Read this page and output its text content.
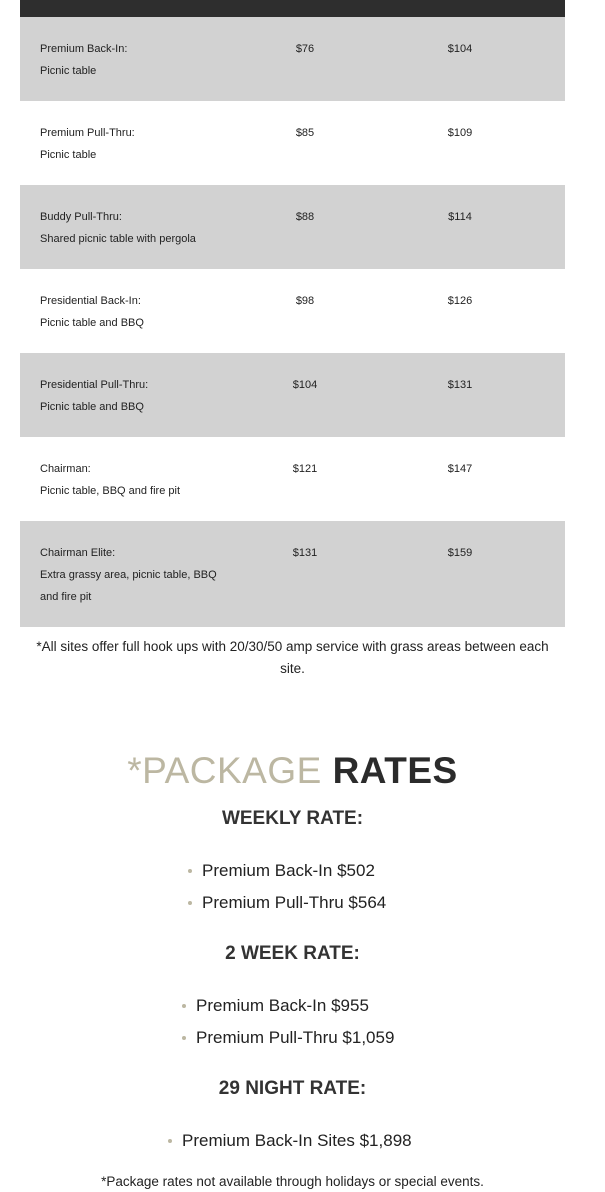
Premium Back-In:
Picnic table
$76	$104
Premium Pull-Thru:
Picnic table
$85	$109
Buddy Pull-Thru:
Shared picnic table with pergola
$88	$114
Presidential Back-In:
Picnic table and BBQ
$98	$126
Presidential Pull-Thru:
Picnic table and BBQ
$104	$131
Chairman:
Picnic table, BBQ and fire pit
$121	$147
Chairman Elite:
Extra grassy area, picnic table, BBQ
and fire pit
$131	$159
*All sites offer full hook ups with 20/30/50 amp service with grass areas between each site.
*PACKAGE RATES
WEEKLY RATE:
Premium Back-In $502
Premium Pull-Thru $564
2 WEEK RATE:
Premium Back-In $955
Premium Pull-Thru $1,059
29 NIGHT RATE:
Premium Back-In Sites $1,898
*Package rates not available through holidays or special events.
